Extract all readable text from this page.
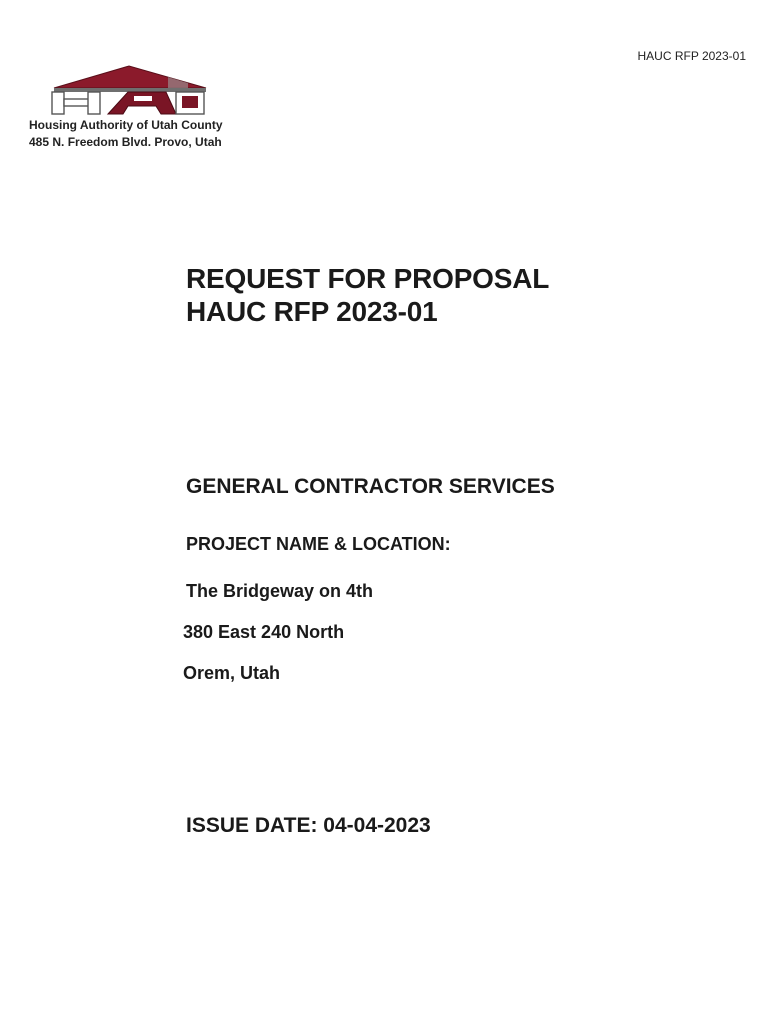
HAUC RFP 2023-01
Housing Authority of Utah County
485 N. Freedom Blvd. Provo, Utah
REQUEST FOR PROPOSAL
HAUC RFP 2023-01
GENERAL CONTRACTOR SERVICES
PROJECT NAME & LOCATION:
The Bridgeway on 4th
380 East 240 North
Orem, Utah
ISSUE DATE: 04-04-2023
